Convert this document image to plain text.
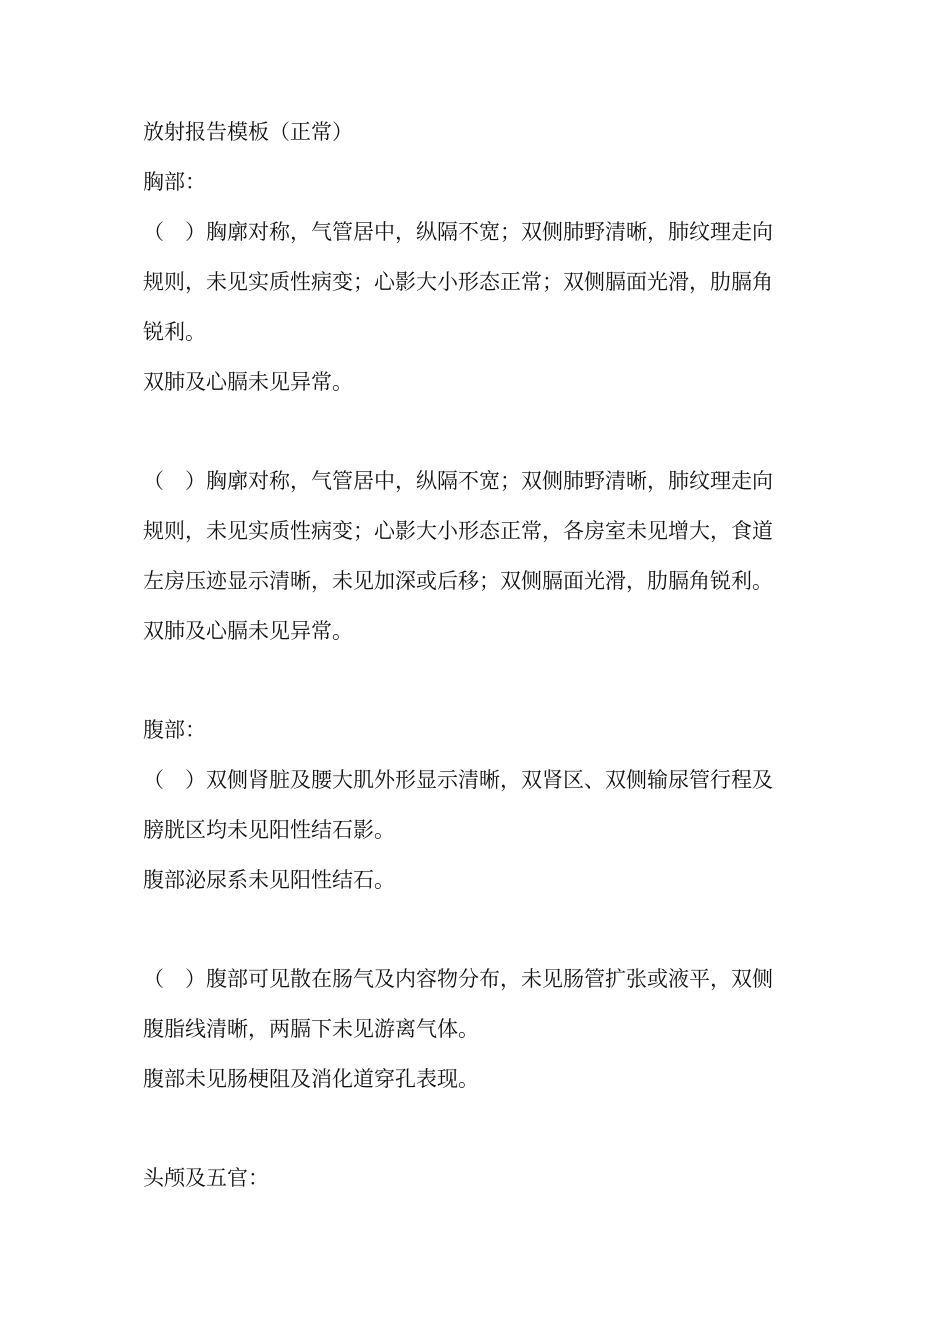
放射报告模板（正常）
胸部：
（　）胸廓对称，气管居中，纵隔不宽；双侧肺野清晰，肺纹理走向
规则，未见实质性病变；心影大小形态正常；双侧膈面光滑，肋膈角
锐利。
双肺及心膈未见异常。
（　）胸廓对称，气管居中，纵隔不宽；双侧肺野清晰，肺纹理走向
规则，未见实质性病变；心影大小形态正常，各房室未见增大，食道
左房压迹显示清晰，未见加深或后移；双侧膈面光滑，肋膈角锐利。
双肺及心膈未见异常。
腹部：
（　）双侧肾脏及腰大肌外形显示清晰，双肾区、双侧输尿管行程及
膀胱区均未见阳性结石影。
腹部泌尿系未见阳性结石。
（　）腹部可见散在肠气及内容物分布，未见肠管扩张或液平，双侧
腹脂线清晰，两膈下未见游离气体。
腹部未见肠梗阻及消化道穿孔表现。
头颅及五官：
